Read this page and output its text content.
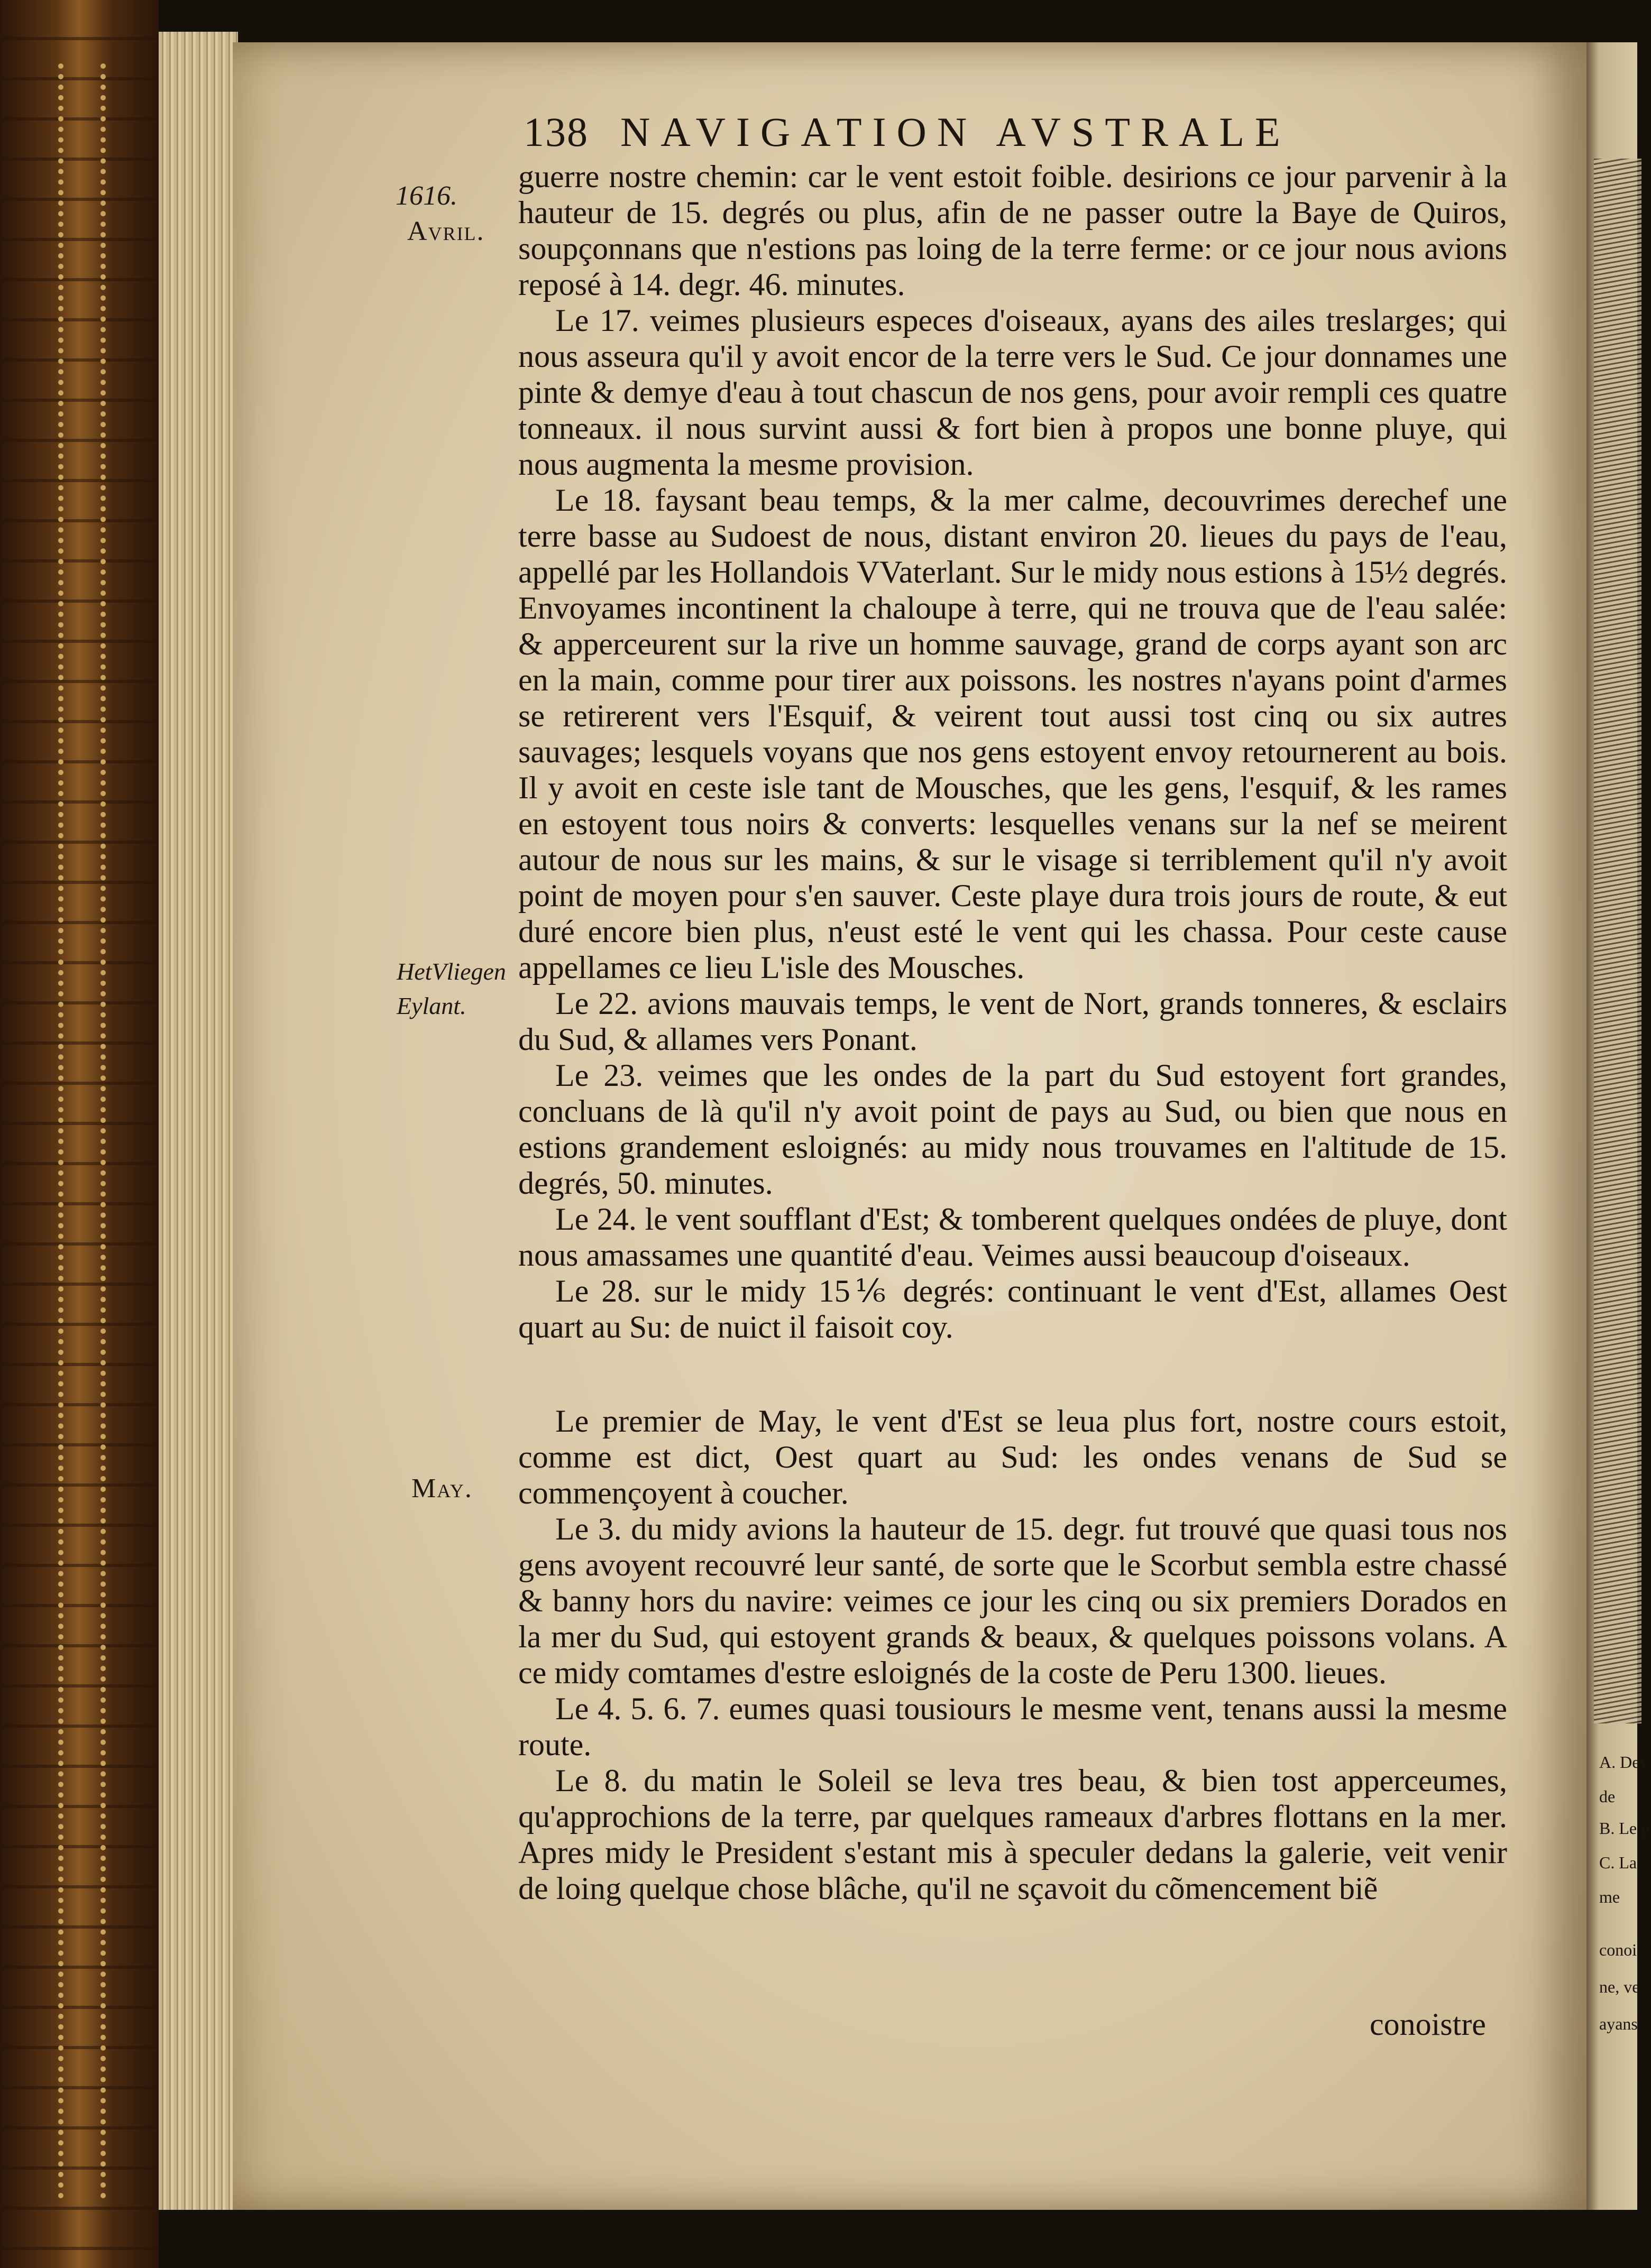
A. Dev.
de
B. Le p
C. La
me
conoi
ne, ve
ayans
138 NAVIGATION AVSTRALE
1616.
Avril.
HetVliegen
Eylant.
May.

guerre nostre chemin: car le vent estoit foible. desirions ce jour parvenir à la hauteur de 15. degrés ou plus, afin de ne passer outre la Baye de Quiros, soupçonnans que n'estions pas loing de la terre ferme: or ce jour nous avions reposé à 14. degr. 46. minutes.

Le 17. veimes plusieurs especes d'oiseaux, ayans des ailes treslarges; qui nous asseura qu'il y avoit encor de la terre vers le Sud. Ce jour donnames une pinte & demye d'eau à tout chascun de nos gens, pour avoir rempli ces quatre tonneaux. il nous survint aussi & fort bien à propos une bonne pluye, qui nous augmenta la mesme provision.

Le 18. faysant beau temps, & la mer calme, decouvrimes derechef une terre basse au Sudoest de nous, distant environ 20. lieues du pays de l'eau, appellé par les Hollandois VVaterlant. Sur le midy nous estions à 15½ degrés. Envoyames incontinent la chaloupe à terre, qui ne trouva que de l'eau salée: & apperceurent sur la rive un homme sauvage, grand de corps ayant son arc en la main, comme pour tirer aux poissons. les nostres n'ayans point d'armes se retirerent vers l'Esquif, & veirent tout aussi tost cinq ou six autres sauvages; lesquels voyans que nos gens estoyent envoy retournerent au bois. Il y avoit en ceste isle tant de Mousches, que les gens, l'esquif, & les rames en estoyent tous noirs & converts: lesquelles venans sur la nef se meirent autour de nous sur les mains, & sur le visage si terriblement qu'il n'y avoit point de moyen pour s'en sauver. Ceste playe dura trois jours de route, & eut duré encore bien plus, n'eust esté le vent qui les chassa. Pour ceste cause appellames ce lieu L'isle des Mousches.

Le 22. avions mauvais temps, le vent de Nort, grands tonneres, & esclairs du Sud, & allames vers Ponant.

Le 23. veimes que les ondes de la part du Sud estoyent fort grandes, concluans de là qu'il n'y avoit point de pays au Sud, ou bien que nous en estions grandement esloignés: au midy nous trouvames en l'altitude de 15. degrés, 50. minutes.

Le 24. le vent soufflant d'Est; & tomberent quelques ondées de pluye, dont nous amassames une quantité d'eau. Veimes aussi beaucoup d'oiseaux.

Le 28. sur le midy 15⅙ degrés: continuant le vent d'Est, allames Oest quart au Su: de nuict il faisoit coy.

Le premier de May, le vent d'Est se leua plus fort, nostre cours estoit, comme est dict, Oest quart au Sud: les ondes venans de Sud se commençoyent à coucher.

Le 3. du midy avions la hauteur de 15. degr. fut trouvé que quasi tous nos gens avoyent recouvré leur santé, de sorte que le Scorbut sembla estre chassé & banny hors du navire: veimes ce jour les cinq ou six premiers Dorados en la mer du Sud, qui estoyent grands & beaux, & quelques poissons volans. A ce midy comtames d'estre esloignés de la coste de Peru 1300. lieues.

Le 4. 5. 6. 7. eumes quasi tousiours le mesme vent, tenans aussi la mesme route.

Le 8. du matin le Soleil se leva tres beau, & bien tost apperceumes, qu'approchions de la terre, par quelques rameaux d'arbres flottans en la mer. Apres midy le President s'estant mis à speculer dedans la galerie, veit venir de loing quelque chose blâche, qu'il ne sçavoit du cõmencement biẽ

conoistre
